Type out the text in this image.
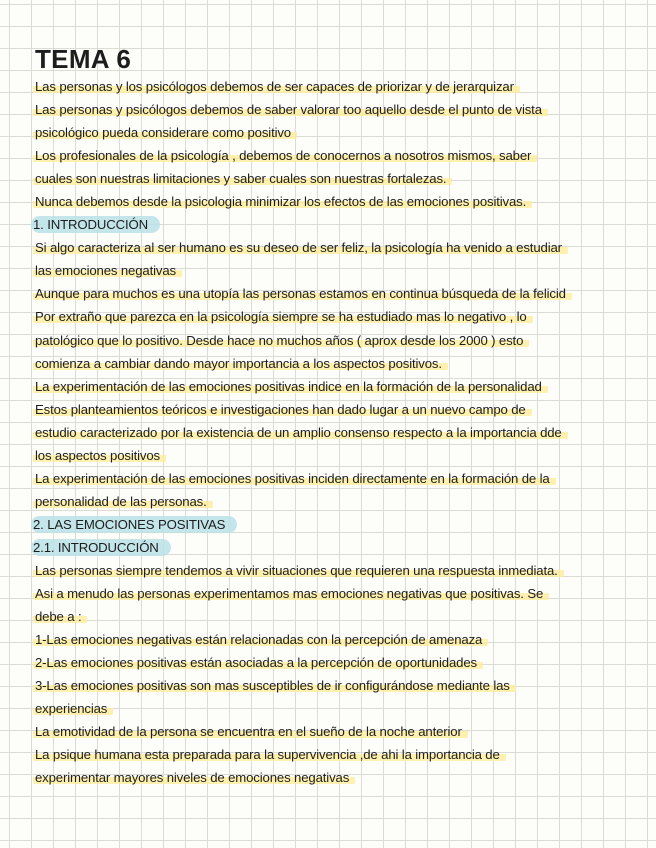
TEMA 6
Las personas y los psicólogos debemos de ser capaces de priorizar y de jerarquizar
Las personas y psicólogos debemos de saber valorar too aquello desde el punto de vista
psicológico pueda considerare como positivo
Los profesionales de la psicología , debemos de conocernos a nosotros mismos, saber
cuales son nuestras limitaciones y saber cuales son nuestras fortalezas.
Nunca debemos desde la psicologia minimizar los efectos de las emociones positivas.
1. INTRODUCCIÓN
Si algo caracteriza al ser humano es su deseo de ser feliz, la psicología ha venido a estudiar
las emociones negativas
Aunque para muchos es una utopía las personas estamos en continua búsqueda de la felicid
Por extraño que parezca en la psicología siempre se ha estudiado mas lo negativo , lo
patológico que lo positivo. Desde hace no muchos años ( aprox desde los 2000 ) esto
comienza a cambiar dando mayor importancia a los aspectos positivos.
La experimentación de las emociones positivas indice en la formación de la personalidad
Estos planteamientos teóricos e investigaciones han dado lugar a un nuevo campo de
estudio caracterizado por la existencia de un amplio consenso respecto a la importancia dde
los aspectos positivos
La experimentación de las emociones positivas inciden directamente en la formación de la
personalidad de las personas.
2. LAS EMOCIONES POSITIVAS
2.1. INTRODUCCIÓN
Las personas siempre tendemos a vivir situaciones que requieren una respuesta inmediata.
Asi a menudo las personas experimentamos mas emociones negativas que positivas. Se
debe a :
1-Las emociones negativas están relacionadas con la percepción de amenaza
2-Las emociones positivas están asociadas a la percepción de oportunidades
3-Las emociones positivas son mas susceptibles de ir configurándose mediante las
experiencias
La emotividad de la persona se encuentra en el sueño de la noche anterior
La psique humana esta preparada para la supervivencia ,de ahi la importancia de
experimentar mayores niveles de emociones negativas
